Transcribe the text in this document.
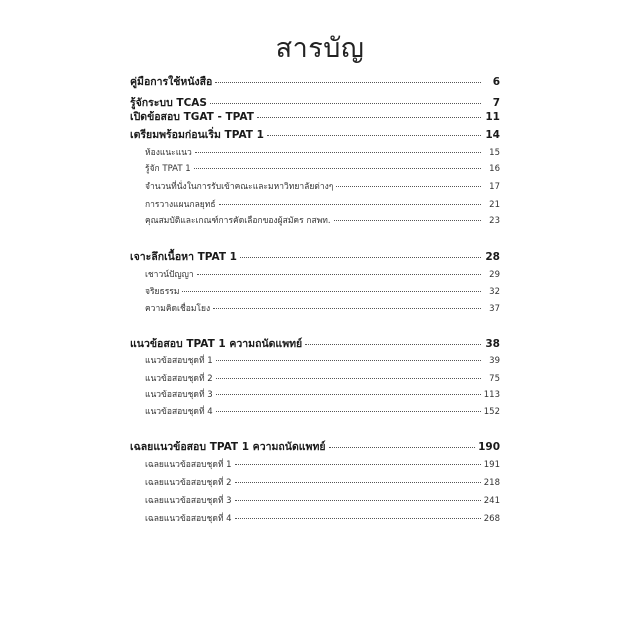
สารบัญ
คู่มือการใช้หนังสือ	6
รู้จักระบบ TCAS	7
เปิดข้อสอบ TGAT - TPAT	11
เตรียมพร้อมก่อนเริ่ม TPAT 1	14
ห้องแนะแนว	15
รู้จัก TPAT 1	16
จำนวนที่นั่งในการรับเข้าคณะและมหาวิทยาลัยต่างๆ	17
การวางแผนกลยุทธ์	21
คุณสมบัติและเกณฑ์การคัดเลือกของผู้สมัคร กสพท.	23
เจาะลึกเนื้อหา TPAT 1	28
เชาวน์ปัญญา	29
จริยธรรม	32
ความคิดเชื่อมโยง	37
แนวข้อสอบ TPAT 1 ความถนัดแพทย์	38
แนวข้อสอบชุดที่ 1	39
แนวข้อสอบชุดที่ 2	75
แนวข้อสอบชุดที่ 3	113
แนวข้อสอบชุดที่ 4	152
เฉลยแนวข้อสอบ TPAT 1 ความถนัดแพทย์	190
เฉลยแนวข้อสอบชุดที่ 1	191
เฉลยแนวข้อสอบชุดที่ 2	218
เฉลยแนวข้อสอบชุดที่ 3	241
เฉลยแนวข้อสอบชุดที่ 4	268
